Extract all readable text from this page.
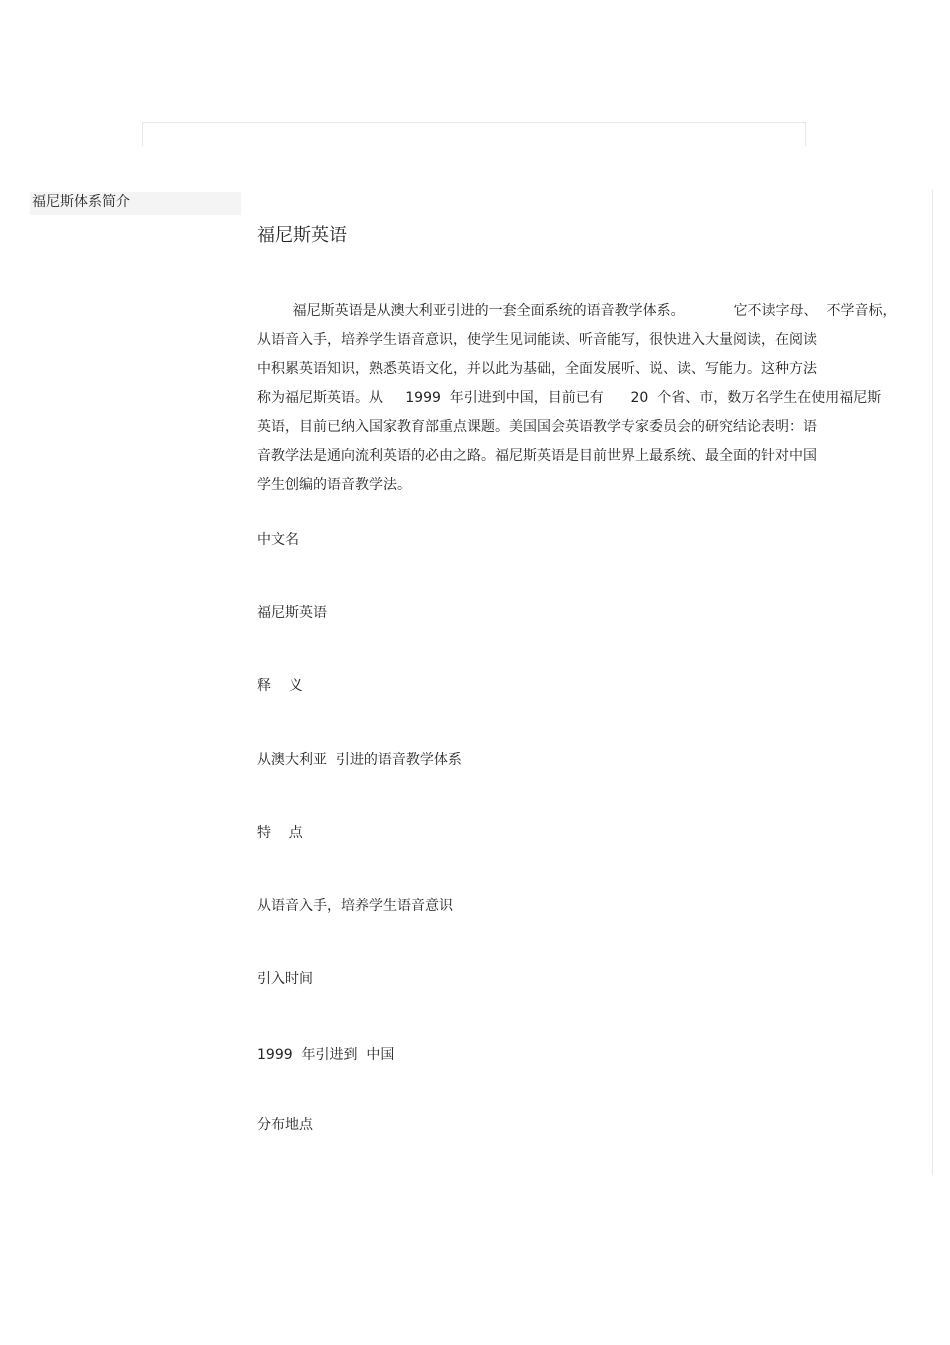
福尼斯体系简介
福尼斯英语
福尼斯英语是从澳大利亚引进的一套全面系统的语音教学体系。           它不读字母、  不学音标，
从语音入手，培养学生语音意识，使学生见词能读、听音能写，很快进入大量阅读，在阅读
中积累英语知识，熟悉英语文化，并以此为基础，全面发展听、说、读、写能力。这种方法
称为福尼斯英语。从     1999  年引进到中国，目前已有      20  个省、市，数万名学生在使用福尼斯
英语，目前已纳入国家教育部重点课题。美国国会英语教学专家委员会的研究结论表明：语
音教学法是通向流利英语的必由之路。福尼斯英语是目前世界上最系统、最全面的针对中国
学生创编的语音教学法。
中文名
福尼斯英语
释    义
从澳大利亚  引进的语音教学体系
特    点
从语音入手，培养学生语音意识
引入时间
1999  年引进到  中国
分布地点
